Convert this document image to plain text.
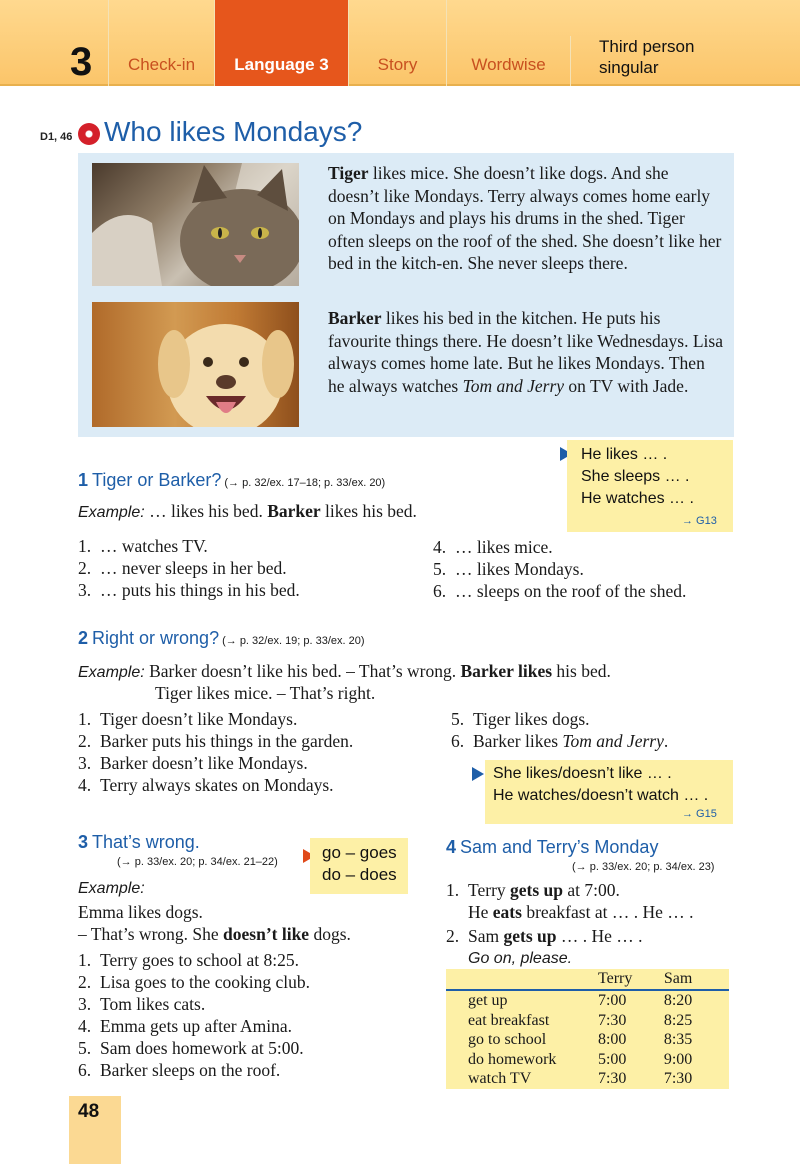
3	Check-in	Language 3	Story	Wordwise
Third person
singular
D1, 46 Who likes Mondays?

Tiger likes mice. She doesn’t like dogs. And she doesn’t like Mondays. Terry always comes home early on Mondays and plays his drums in the shed. Tiger often sleeps on the roof of the shed. She doesn’t like her bed in the kitch-en. She never sleeps there.

Barker likes his bed in the kitchen. He puts his favourite things there. He doesn’t like Wednesdays. Lisa always comes home late. But he likes Mondays. Then he always watches Tom and Jerry on TV with Jade.

He likes … .
She sleeps … .
He watches … .
→ G13
1 Tiger or Barker? (→ p. 32/ex. 17–18; p. 33/ex. 20)
Example: … likes his bed. Barker likes his bed.
1. … watches TV.
2. … never sleeps in her bed.
3. … puts his things in his bed.
4. … likes mice.
5. … likes Mondays.
6. … sleeps on the roof of the shed.
2 Right or wrong? (→ p. 32/ex. 19; p. 33/ex. 20)
Example: Barker doesn’t like his bed. – That’s wrong. Barker likes his bed.
Tiger likes mice. – That’s right.
1. Tiger doesn’t like Mondays.
2. Barker puts his things in the garden.
3. Barker doesn’t like Mondays.
4. Terry always skates on Mondays.
5. Tiger likes dogs.
6. Barker likes Tom and Jerry.
She likes/doesn’t like … .
He watches/doesn’t watch … .
→ G15
3 That’s wrong.
(→ p. 33/ex. 20; p. 34/ex. 21–22)	go – goes
do – does
Example:
Emma likes dogs.
– That’s wrong. She doesn’t like dogs.
1. Terry goes to school at 8:25.
2. Lisa goes to the cooking club.
3. Tom likes cats.
4. Emma gets up after Amina.
5. Sam does homework at 5:00.
6. Barker sleeps on the roof.
4 Sam and Terry’s Monday
(→ p. 33/ex. 20; p. 34/ex. 23)
1. Terry gets up at 7:00.
He eats breakfast at … . He … .
2. Sam gets up … . He … .
Go on, please.
	Terry	Sam
get up	7:00	8:20
eat breakfast	7:30	8:25
go to school	8:00	8:35
do homework	5:00	9:00
watch TV	7:30	7:30
48
